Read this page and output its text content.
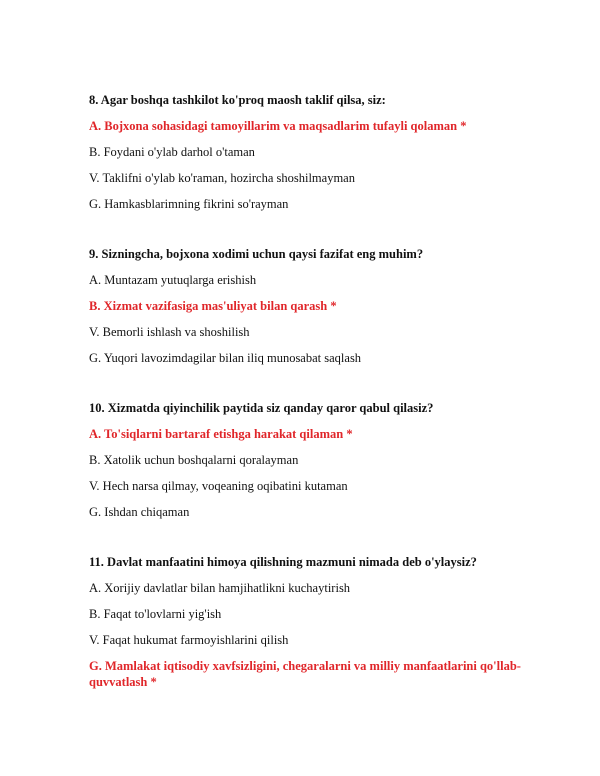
8. Agar boshqa tashkilot ko'proq maosh taklif qilsa, siz:

A. Bojxona sohasidagi tamoyillarim va maqsadlarim tufayli qolaman *

B. Foydani o'ylab darhol o'taman

V. Taklifni o'ylab ko'raman, hozircha shoshilmayman

G. Hamkasblarimning fikrini so'rayman

9. Sizningcha, bojxona xodimi uchun qaysi fazifat eng muhim?

A. Muntazam yutuqlarga erishish

B. Xizmat vazifasiga mas'uliyat bilan qarash *

V. Bemorli ishlash va shoshilish

G. Yuqori lavozimdagilar bilan iliq munosabat saqlash

10. Xizmatda qiyinchilik paytida siz qanday qaror qabul qilasiz?

A. To'siqlarni bartaraf etishga harakat qilaman *

B. Xatolik uchun boshqalarni qoralayman

V. Hech narsa qilmay, voqeaning oqibatini kutaman

G. Ishdan chiqaman

11. Davlat manfaatini himoya qilishning mazmuni nimada deb o'ylaysiz?

A. Xorijiy davlatlar bilan hamjihatlikni kuchaytirish

B. Faqat to'lovlarni yig'ish

V. Faqat hukumat farmoyishlarini qilish

G. Mamlakat iqtisodiy xavfsizligini, chegaralarni va milliy manfaatlarini qo'llab-quvvatlash *
